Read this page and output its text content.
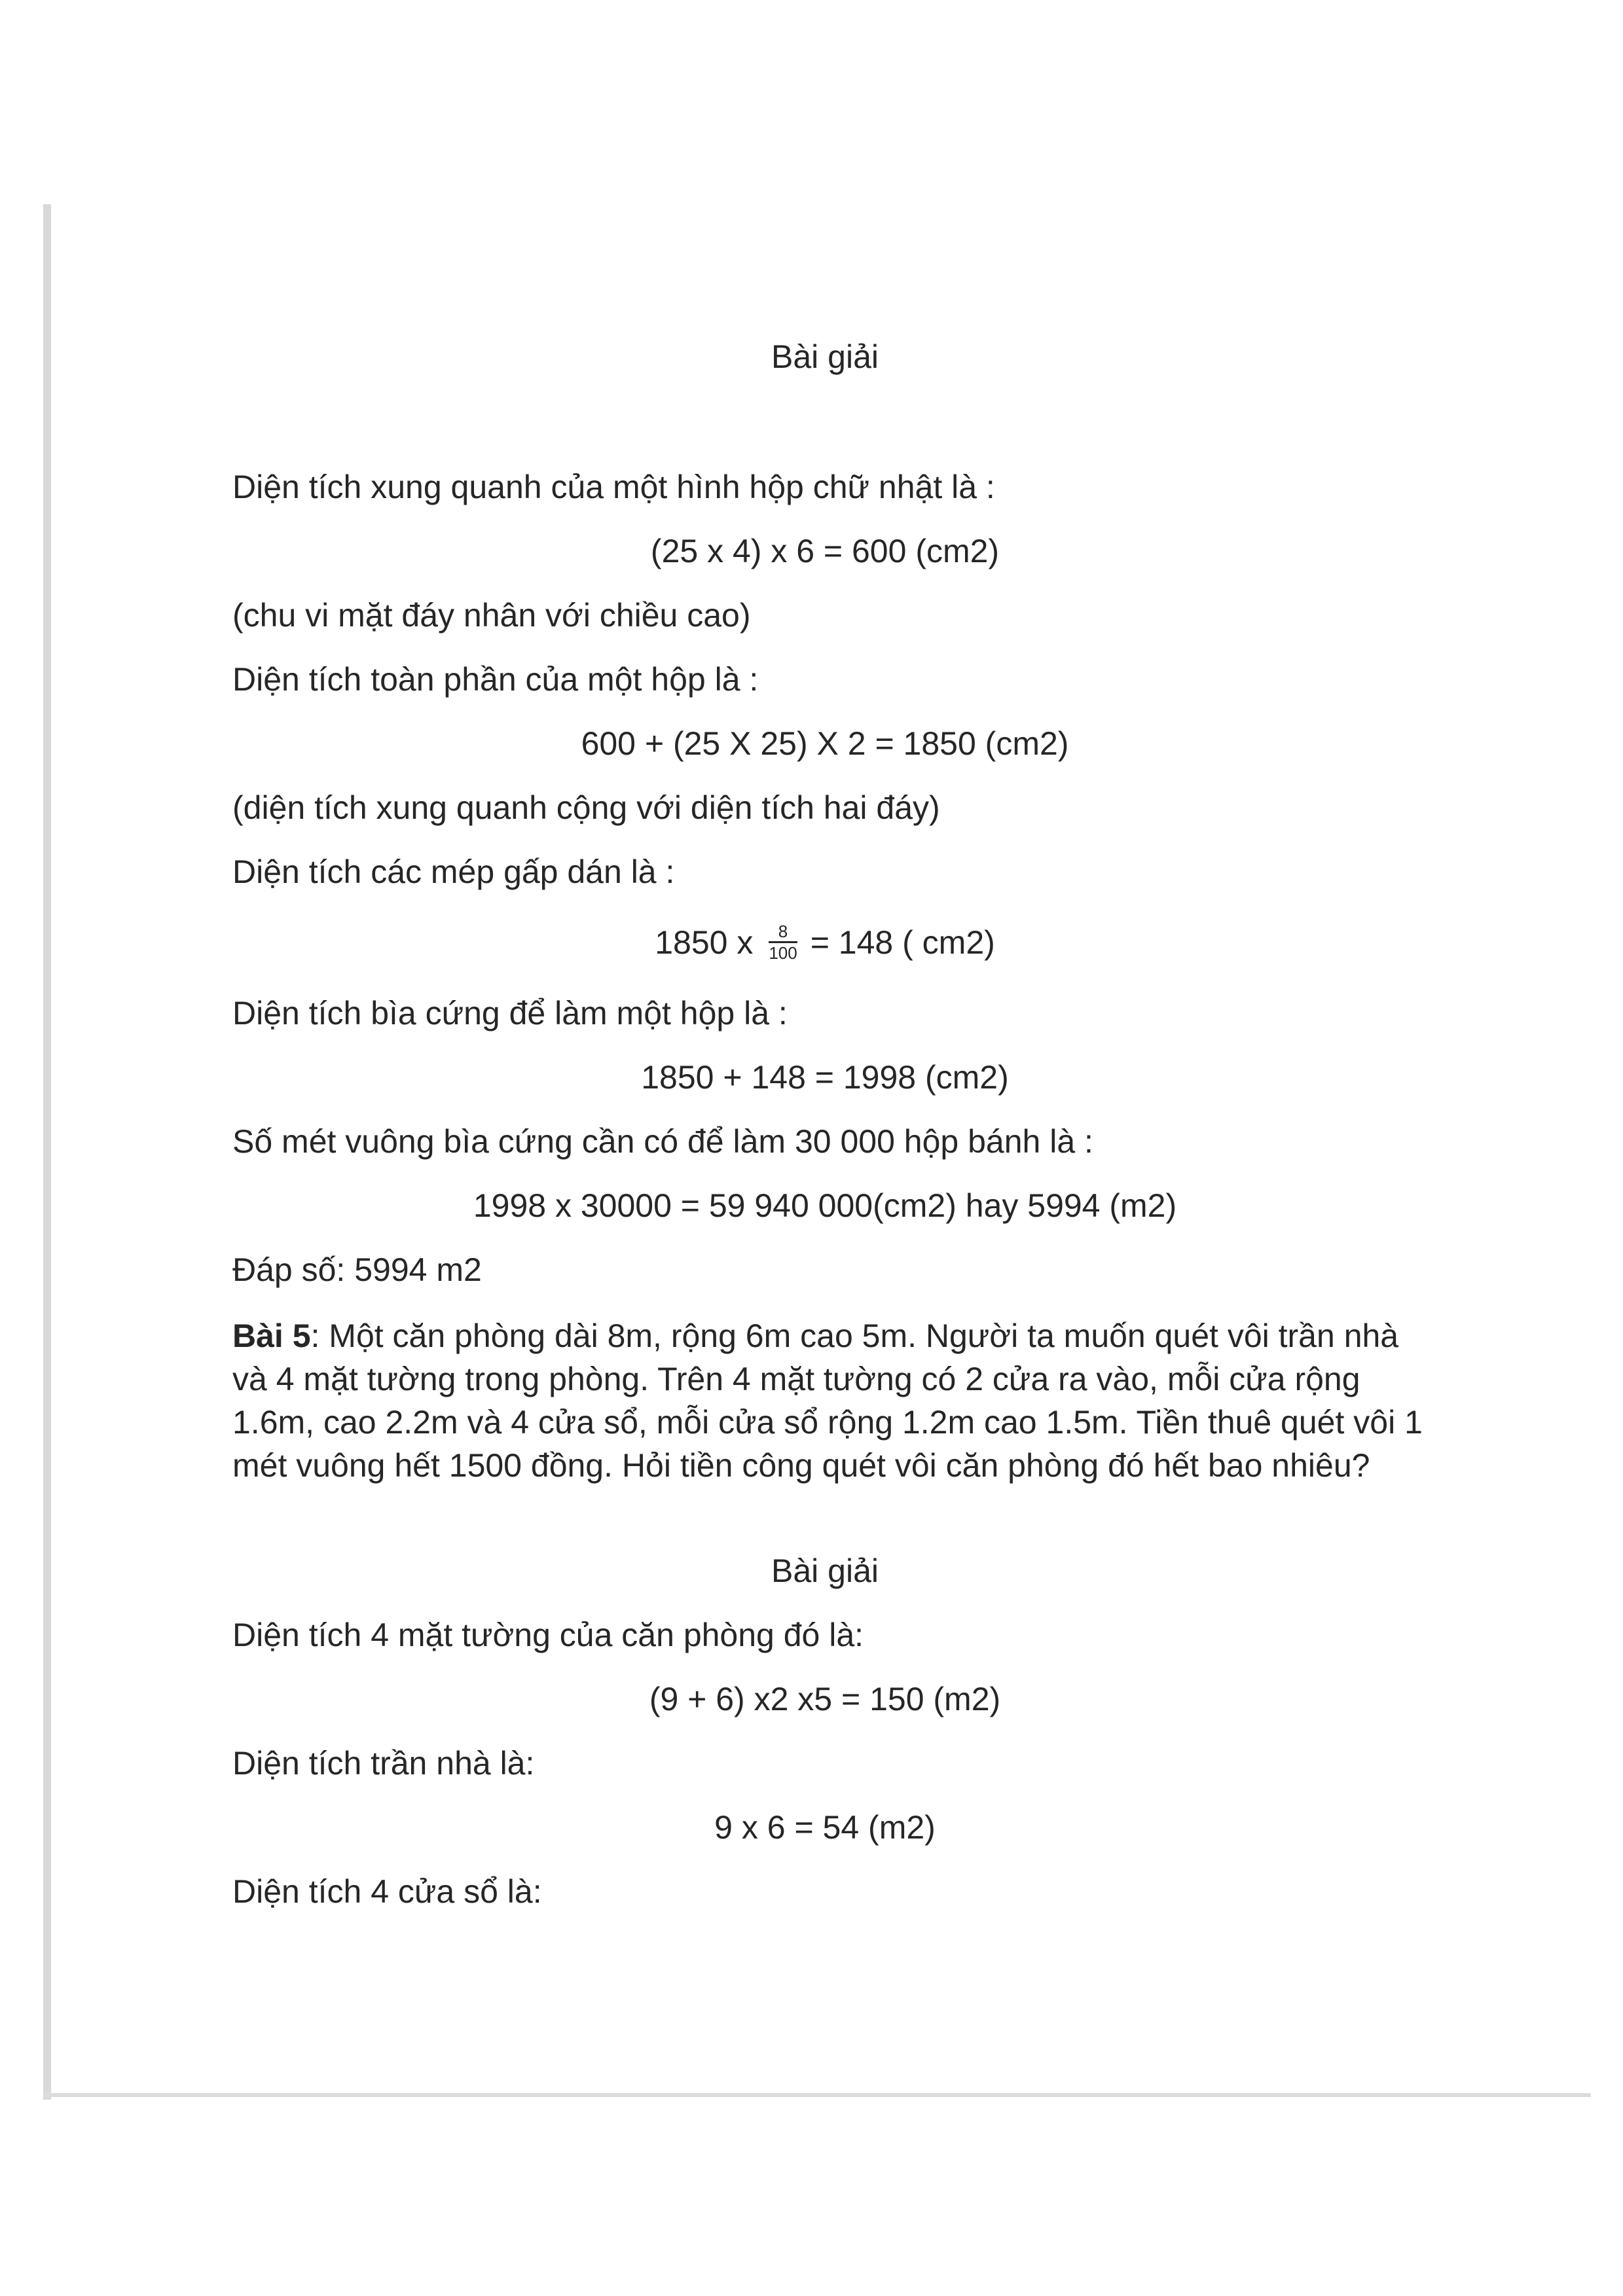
Bài giải
Diện tích xung quanh của một hình hộp chữ nhật là :
(25 x 4) x 6 = 600 (cm2)
(chu vi mặt đáy nhân với chiều cao)
Diện tích toàn phần của một hộp là :
600 + (25 X 25) X 2 = 1850 (cm2)
(diện tích xung quanh cộng với diện tích hai đáy)
Diện tích các mép gấp dán là :
1850 x $\frac{8}{100} = 148$ ( cm2)
Diện tích bìa cứng để làm một hộp là :
1850 + 148 = 1998 (cm2)
Số mét vuông bìa cứng cần có để làm 30 000 hộp bánh là :
1998 x 30000 = 59 940 000(cm2) hay 5994 (m2)
Đáp số: 5994 m2
Bài 5: Một căn phòng dài 8m, rộng 6m cao 5m. Người ta muốn quét vôi trần nhà và 4 mặt tường trong phòng. Trên 4 mặt tường có 2 cửa ra vào, mỗi cửa rộng 1.6m, cao 2.2m và 4 cửa sổ, mỗi cửa sổ rộng 1.2m cao 1.5m. Tiền thuê quét vôi 1 mét vuông hết 1500 đồng. Hỏi tiền công quét vôi căn phòng đó hết bao nhiêu?
Bài giải
Diện tích 4 mặt tường của căn phòng đó là:
(9 + 6) x2 x5 = 150 (m2)
Diện tích trần nhà là:
9 x 6 = 54 (m2)
Diện tích 4 cửa sổ là:
